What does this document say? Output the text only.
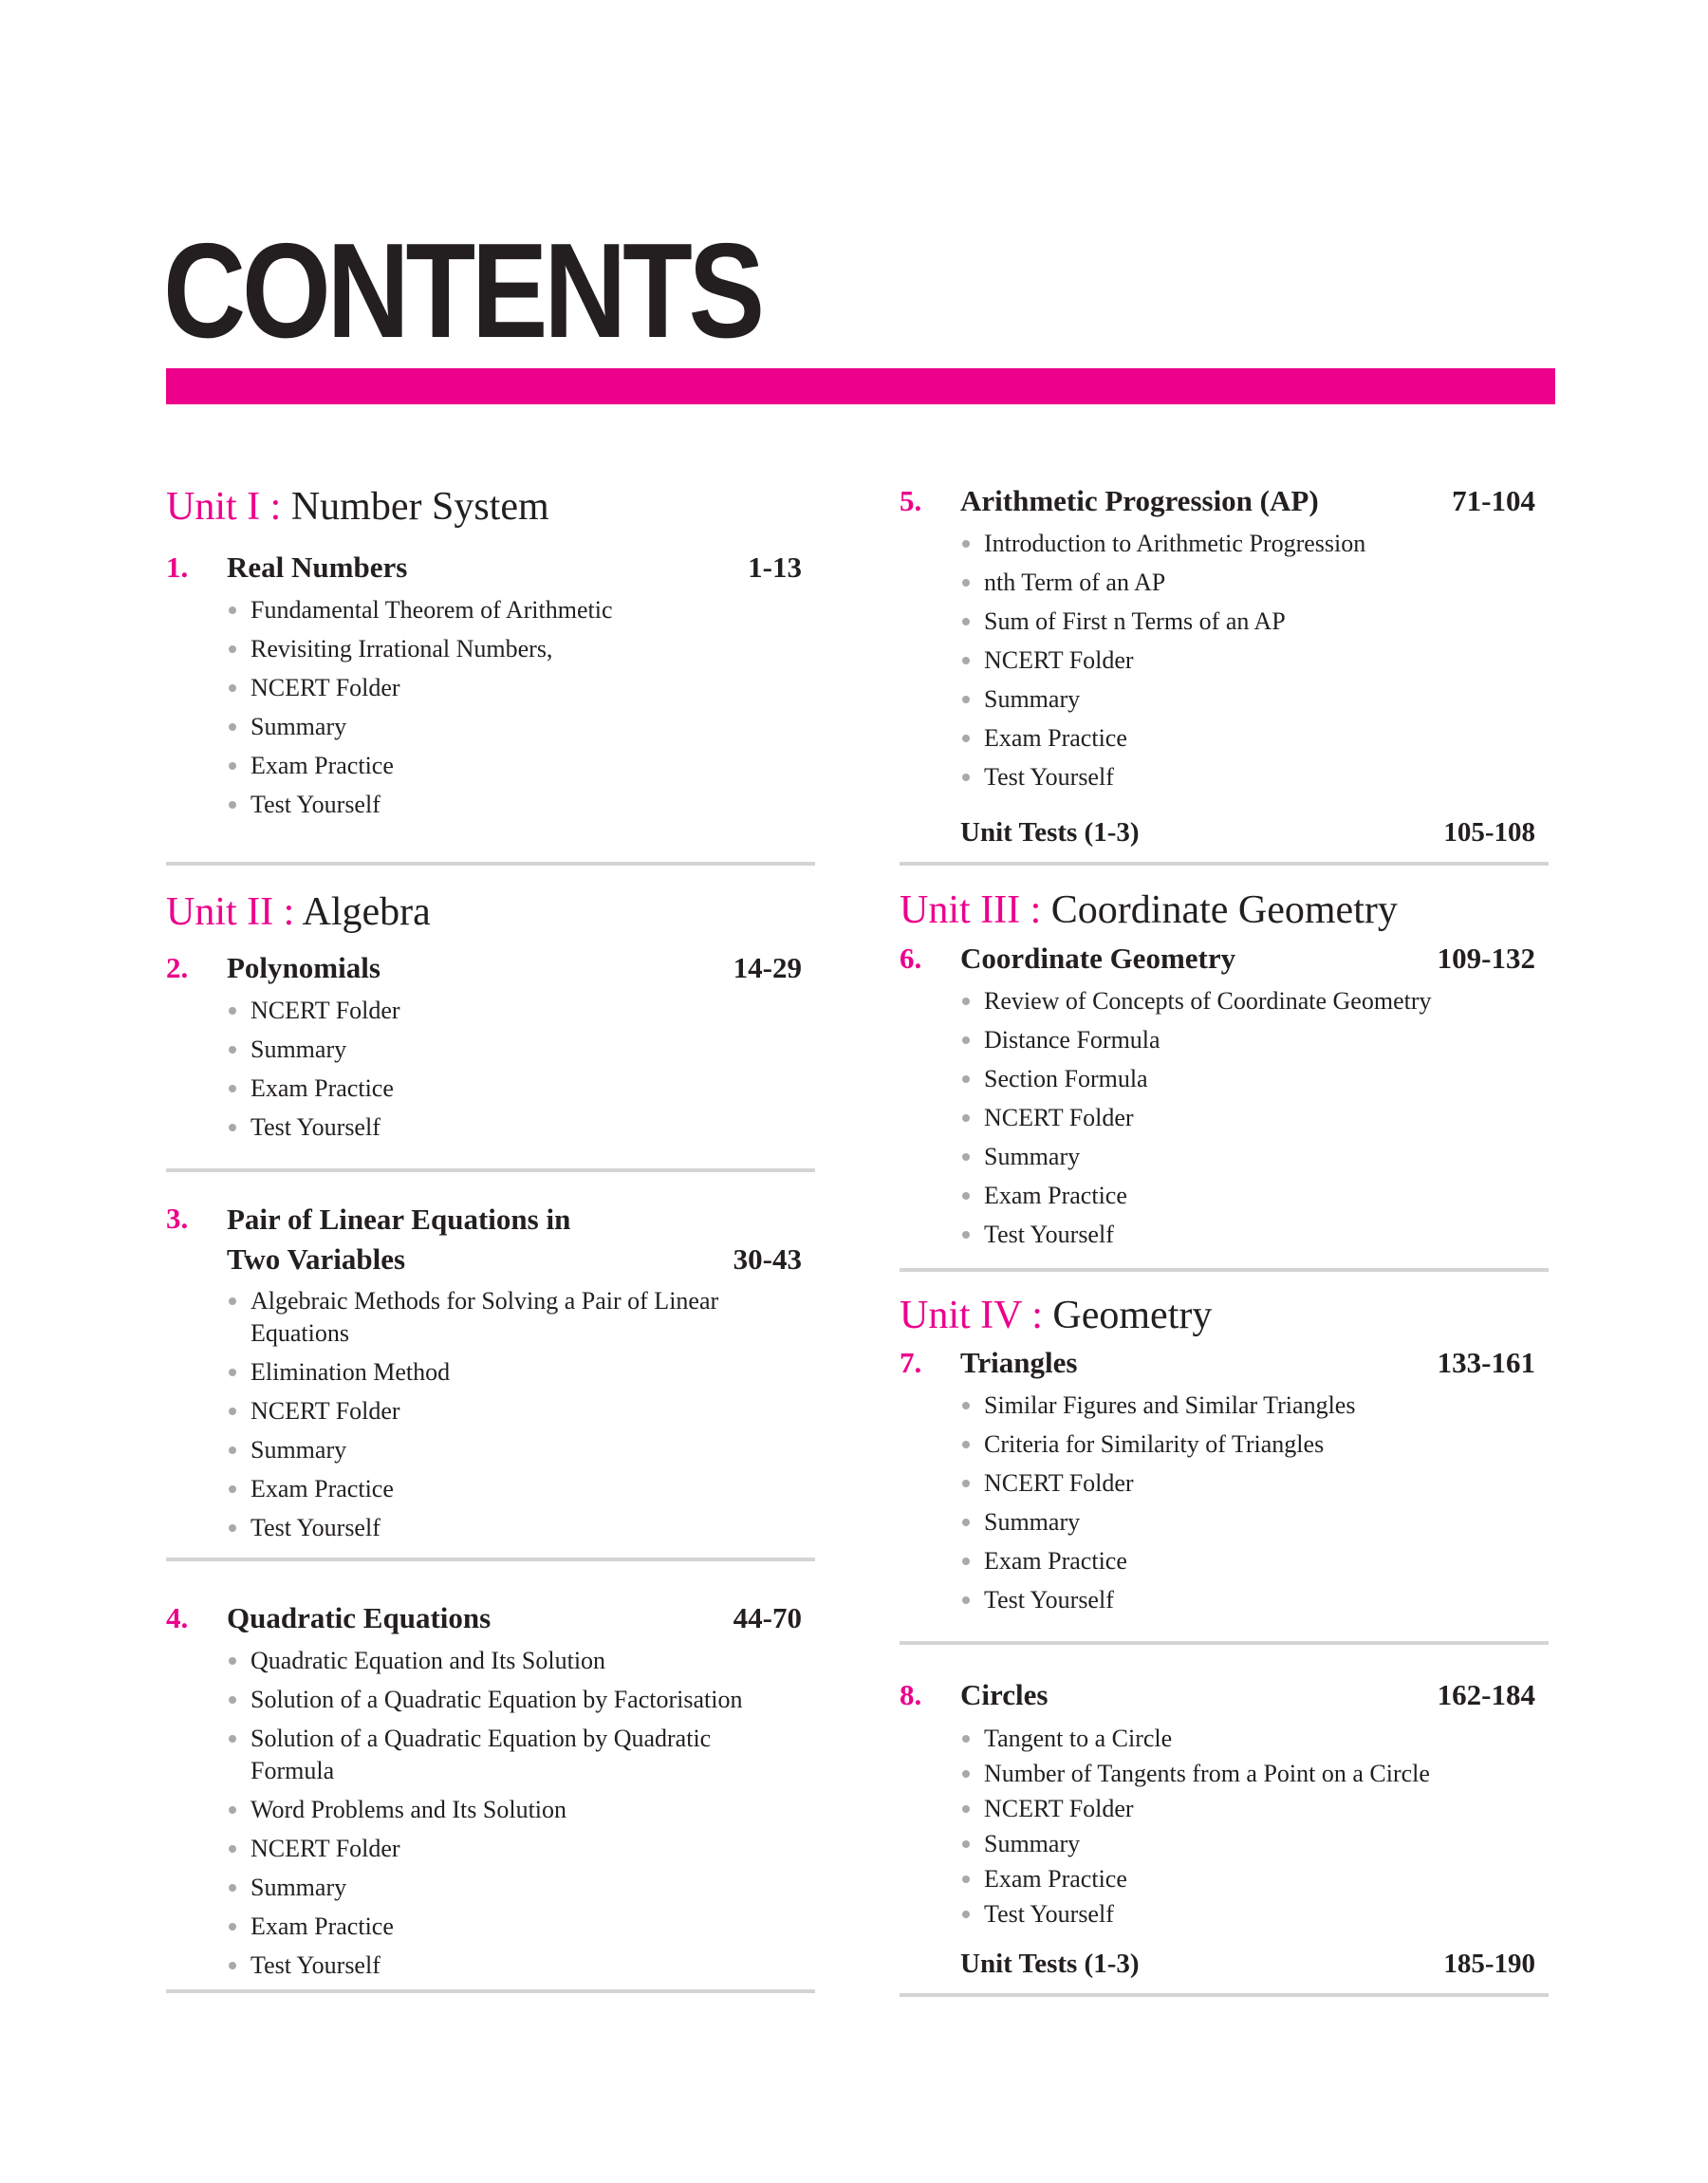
CONTENTS
Unit I : Number System
1. Real Numbers	1-13
Fundamental Theorem of Arithmetic
Revisiting Irrational Numbers,
NCERT Folder
Summary
Exam Practice
Test Yourself
Unit II : Algebra
2. Polynomials	14-29
NCERT Folder
Summary
Exam Practice
Test Yourself
3. Pair of Linear Equations in
Two Variables	30-43
Algebraic Methods for Solving a Pair of Linear Equations
Elimination Method
NCERT Folder
Summary
Exam Practice
Test Yourself
4. Quadratic Equations	44-70
Quadratic Equation and Its Solution
Solution of a Quadratic Equation by Factorisation
Solution of a Quadratic Equation by Quadratic Formula
Word Problems and Its Solution
NCERT Folder
Summary
Exam Practice
Test Yourself
5. Arithmetic Progression (AP)	71-104
Introduction to Arithmetic Progression
nth Term of an AP
Sum of First n Terms of an AP
NCERT Folder
Summary
Exam Practice
Test Yourself
Unit Tests (1-3)	105-108
Unit III : Coordinate Geometry
6. Coordinate Geometry	109-132
Review of Concepts of Coordinate Geometry
Distance Formula
Section Formula
NCERT Folder
Summary
Exam Practice
Test Yourself
Unit IV : Geometry
7. Triangles	133-161
Similar Figures and Similar Triangles
Criteria for Similarity of Triangles
NCERT Folder
Summary
Exam Practice
Test Yourself
8. Circles	162-184
Tangent to a Circle
Number of Tangents from a Point on a Circle
NCERT Folder
Summary
Exam Practice
Test Yourself
Unit Tests (1-3)	185-190
